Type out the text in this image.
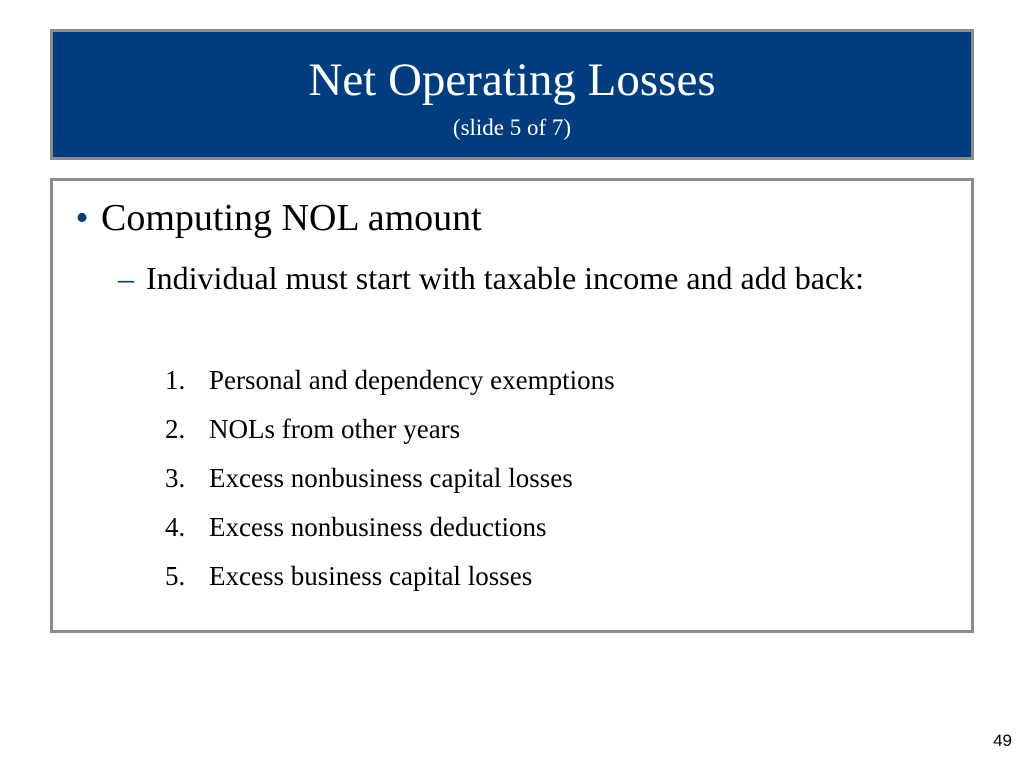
Net Operating Losses
(slide 5 of 7)
• Computing NOL amount
– Individual must start with taxable income and add back:
1. Personal and dependency exemptions
2. NOLs from other years
3. Excess nonbusiness capital losses
4. Excess nonbusiness deductions
5. Excess business capital losses
49
